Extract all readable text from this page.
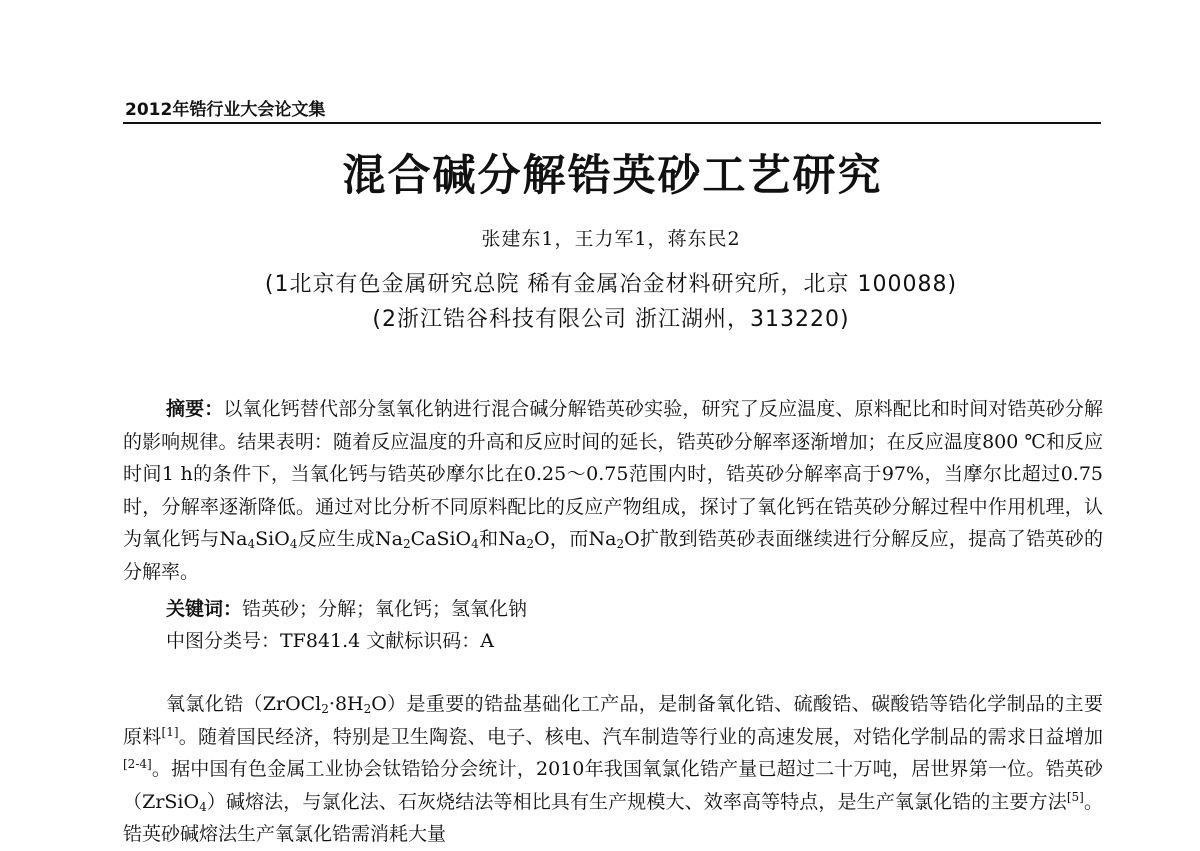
2012年锆行业大会论文集
混合碱分解锆英砂工艺研究
张建东1，王力军1，蒋东民2
(1北京有色金属研究总院 稀有金属冶金材料研究所，北京 100088)
(2浙江锆谷科技有限公司 浙江湖州，313220)

摘要：以氧化钙替代部分氢氧化钠进行混合碱分解锆英砂实验，研究了反应温度、原料配比和时间对锆英砂分解的影响规律。结果表明：随着反应温度的升高和反应时间的延长，锆英砂分解率逐渐增加；在反应温度800 ℃和反应时间1 h的条件下，当氧化钙与锆英砂摩尔比在0.25～0.75范围内时，锆英砂分解率高于97%，当摩尔比超过0.75时，分解率逐渐降低。通过对比分析不同原料配比的反应产物组成，探讨了氧化钙在锆英砂分解过程中作用机理，认为氧化钙与$Na_4SiO_4$反应生成$Na_2CaSiO_4$和$Na_2O$，而$Na_2O$扩散到锆英砂表面继续进行分解反应，提高了锆英砂的分解率。

关键词：锆英砂；分解；氧化钙；氢氧化钠
中图分类号：TF841.4 文献标识码：A

氧氯化锆$(ZrOCl_2\cdot 8H_2O)$是重要的锆盐基础化工产品，是制备氧化锆、硫酸锆、碳酸锆等锆化学制品的主要原料[1]。随着国民经济，特别是卫生陶瓷、电子、核电、汽车制造等行业的高速发展，对锆化学制品的需求日益增加[2-4]。据中国有色金属工业协会钛锆铪分会统计，2010年我国氧氯化锆产量已超过二十万吨，居世界第一位。锆英砂（ZrSiO$_4$）碱熔法，与氯化法、石灰烧结法等相比具有生产规模大、效率高等特点，是生产氧氯化锆的主要方法[5]。锆英砂碱熔法生产氧氯化锆需消耗大量
